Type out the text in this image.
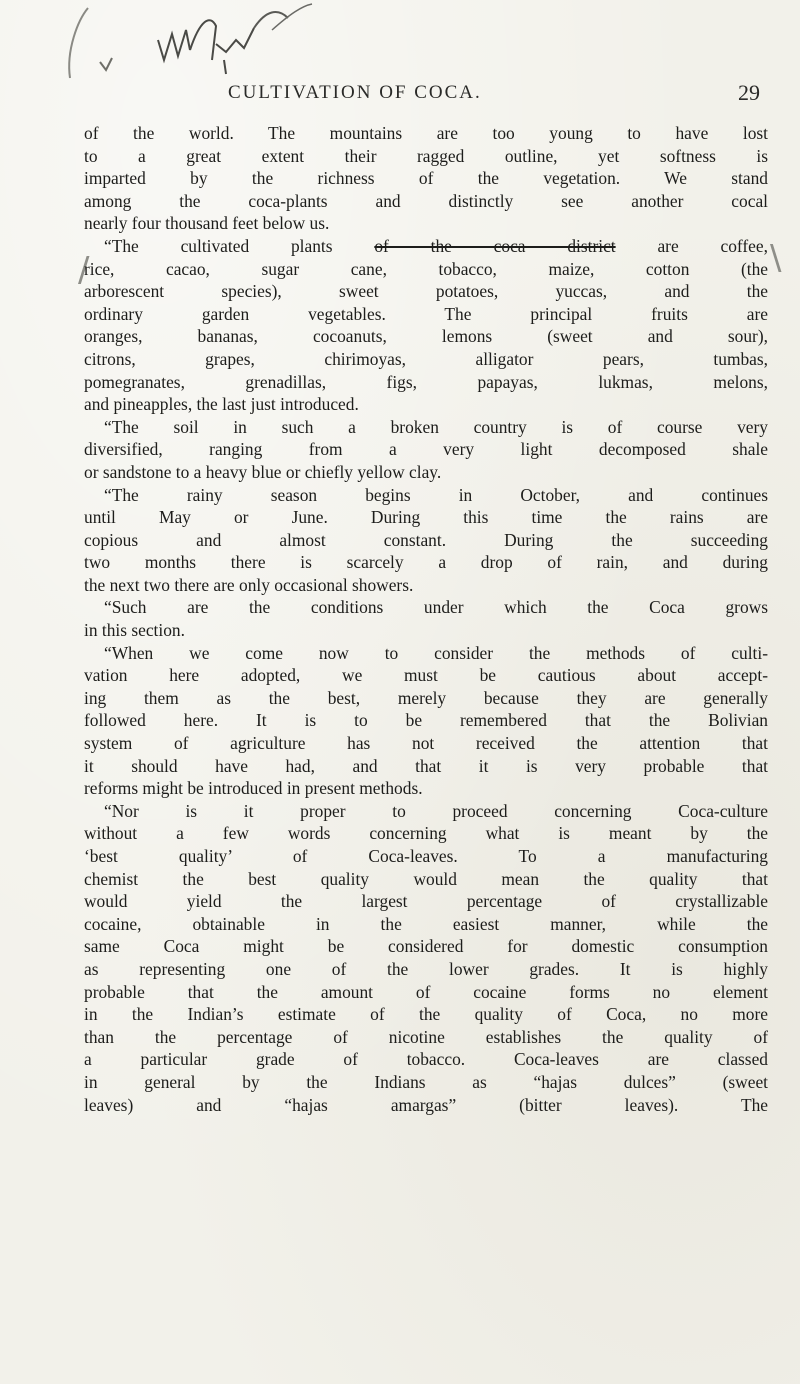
CULTIVATION OF COCA.	29
/	\
of the world. The mountains are too young to have lost
to a great extent their ragged outline, yet softness is
imparted by the richness of the vegetation. We stand
among the coca-plants and distinctly see another cocal
nearly four thousand feet below us.
“The cultivated plants of the coca district are coffee,
rice, cacao, sugar cane, tobacco, maize, cotton (the
arborescent species), sweet potatoes, yuccas, and the
ordinary garden vegetables. The principal fruits are
oranges, bananas, cocoanuts, lemons (sweet and sour),
citrons, grapes, chirimoyas, alligator pears, tumbas,
pomegranates, grenadillas, figs, papayas, lukmas, melons,
and pineapples, the last just introduced.
“The soil in such a broken country is of course very
diversified, ranging from a very light decomposed shale
or sandstone to a heavy blue or chiefly yellow clay.
“The rainy season begins in October, and continues
until May or June. During this time the rains are
copious and almost constant. During the succeeding
two months there is scarcely a drop of rain, and during
the next two there are only occasional showers.
“Such are the conditions under which the Coca grows
in this section.
“When we come now to consider the methods of culti-
vation here adopted, we must be cautious about accept-
ing them as the best, merely because they are generally
followed here. It is to be remembered that the Bolivian
system of agriculture has not received the attention that
it should have had, and that it is very probable that
reforms might be introduced in present methods.
“Nor is it proper to proceed concerning Coca-culture
without a few words concerning what is meant by the
‘best quality’ of Coca-leaves. To a manufacturing
chemist the best quality would mean the quality that
would yield the largest percentage of crystallizable
cocaine, obtainable in the easiest manner, while the
same Coca might be considered for domestic consumption
as representing one of the lower grades. It is highly
probable that the amount of cocaine forms no element
in the Indian’s estimate of the quality of Coca, no more
than the percentage of nicotine establishes the quality of
a particular grade of tobacco. Coca-leaves are classed
in general by the Indians as “hajas dulces” (sweet
leaves) and “hajas amargas” (bitter leaves). The
